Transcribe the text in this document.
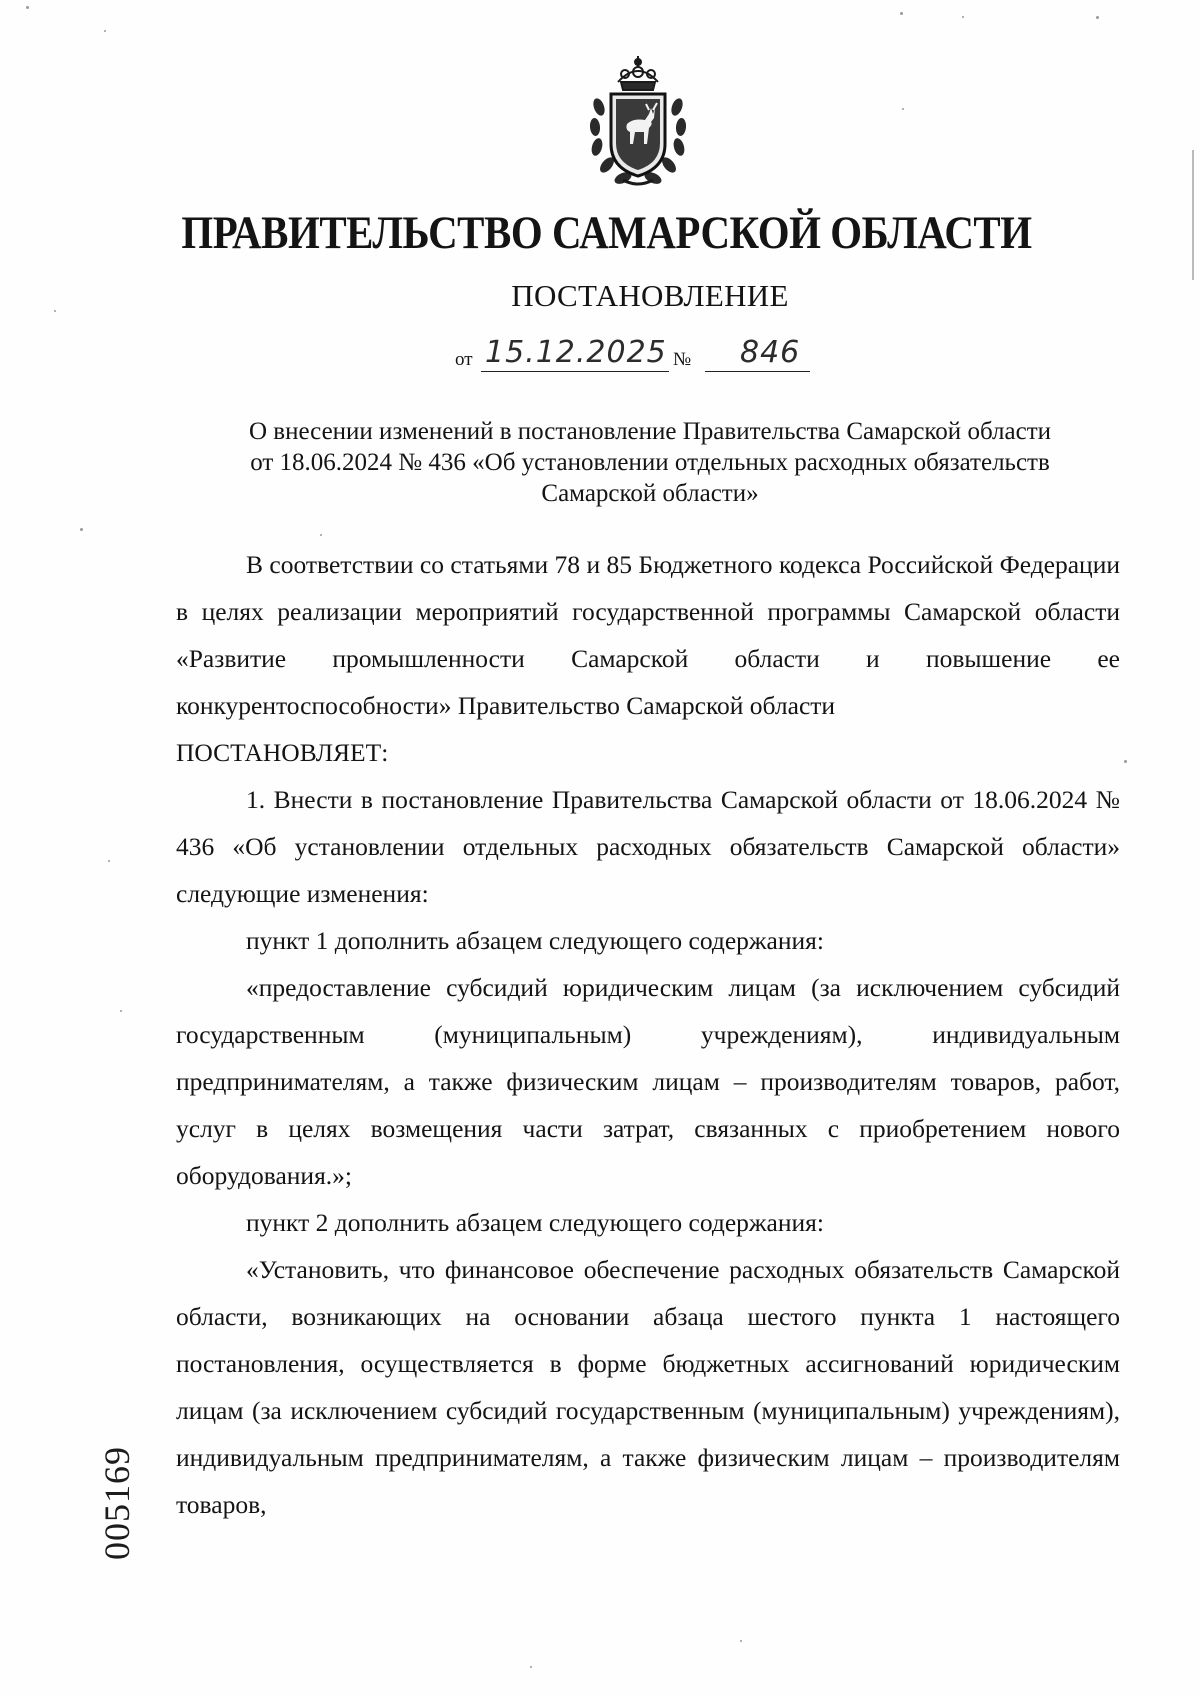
ПРАВИТЕЛЬСТВО САМАРСКОЙ ОБЛАСТИ
ПОСТАНОВЛЕНИЕ
от 15.12.2025 № 846
О внесении изменений в постановление Правительства Самарской области
от 18.06.2024 № 436 «Об установлении отдельных расходных обязательств
Самарской области»

В соответствии со статьями 78 и 85 Бюджетного кодекса Российской Федерации в целях реализации мероприятий государственной программы Самарской области «Развитие промышленности Самарской области и повышение ее конкурентоспособности» Правительство Самарской области

ПОСТАНОВЛЯЕТ:

1. Внести в постановление Правительства Самарской области от 18.06.2024 № 436 «Об установлении отдельных расходных обязательств Самарской области» следующие изменения:

пункт 1 дополнить абзацем следующего содержания:

«предоставление субсидий юридическим лицам (за исключением субсидий государственным (муниципальным) учреждениям), индивидуальным предпринимателям, а также физическим лицам – производителям товаров, работ, услуг в целях возмещения части затрат, связанных с приобретением нового оборудования.»;

пункт 2 дополнить абзацем следующего содержания:

«Установить, что финансовое обеспечение расходных обязательств Самарской области, возникающих на основании абзаца шестого пункта 1 настоящего постановления, осуществляется в форме бюджетных ассигнований юридическим лицам (за исключением субсидий государственным (муниципальным) учреждениям), индивидуальным предпринимателям, а также физическим лицам – производителям товаров,

005169
